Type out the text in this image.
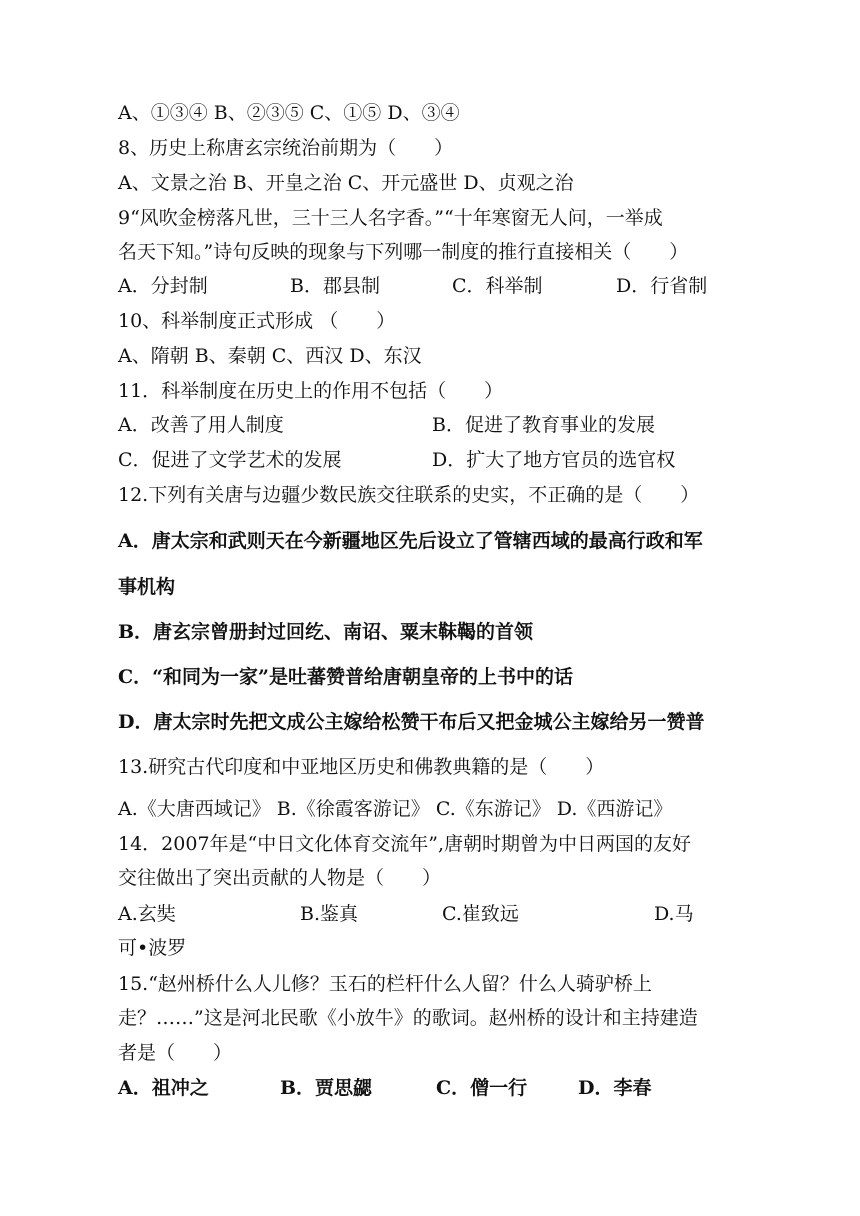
A、①③④ B、②③⑤ C、①⑤ D、③④
8、历史上称唐玄宗统治前期为（　　）
A、文景之治 B、开皇之治 C、开元盛世 D、贞观之治
9“风吹金榜落凡世，三十三人名字香。”“十年寒窗无人问，一举成
名天下知。”诗句反映的现象与下列哪一制度的推行直接相关（　　）
A．分封制	B．郡县制	C．科举制	D．行省制
10、科举制度正式形成 （　　）
A、隋朝 B、秦朝 C、西汉 D、东汉
11．科举制度在历史上的作用不包括（　　）
A．改善了用人制度	B．促进了教育事业的发展
C．促进了文学艺术的发展	D．扩大了地方官员的选官权
12.下列有关唐与边疆少数民族交往联系的史实，不正确的是（　　）
A．唐太宗和武则天在今新疆地区先后设立了管辖西域的最高行政和军
事机构
B．唐玄宗曾册封过回纥、南诏、粟末靺鞨的首领
C．“和同为一家”是吐蕃赞普给唐朝皇帝的上书中的话
D．唐太宗时先把文成公主嫁给松赞干布后又把金城公主嫁给另一赞普
13.研究古代印度和中亚地区历史和佛教典籍的是（　　）
A.《大唐西域记》 B.《徐霞客游记》 C.《东游记》 D.《西游记》
14．2007年是“中日文化体育交流年”,唐朝时期曾为中日两国的友好
交往做出了突出贡献的人物是（　　）
A.玄奘	B.鉴真	C.崔致远	D.马
可•波罗
15.“赵州桥什么人儿修？玉石的栏杆什么人留？什么人骑驴桥上
走？……”这是河北民歌《小放牛》的歌词。赵州桥的设计和主持建造
者是（　　）
A．祖冲之	B．贾思勰	C．僧一行	D．李春
